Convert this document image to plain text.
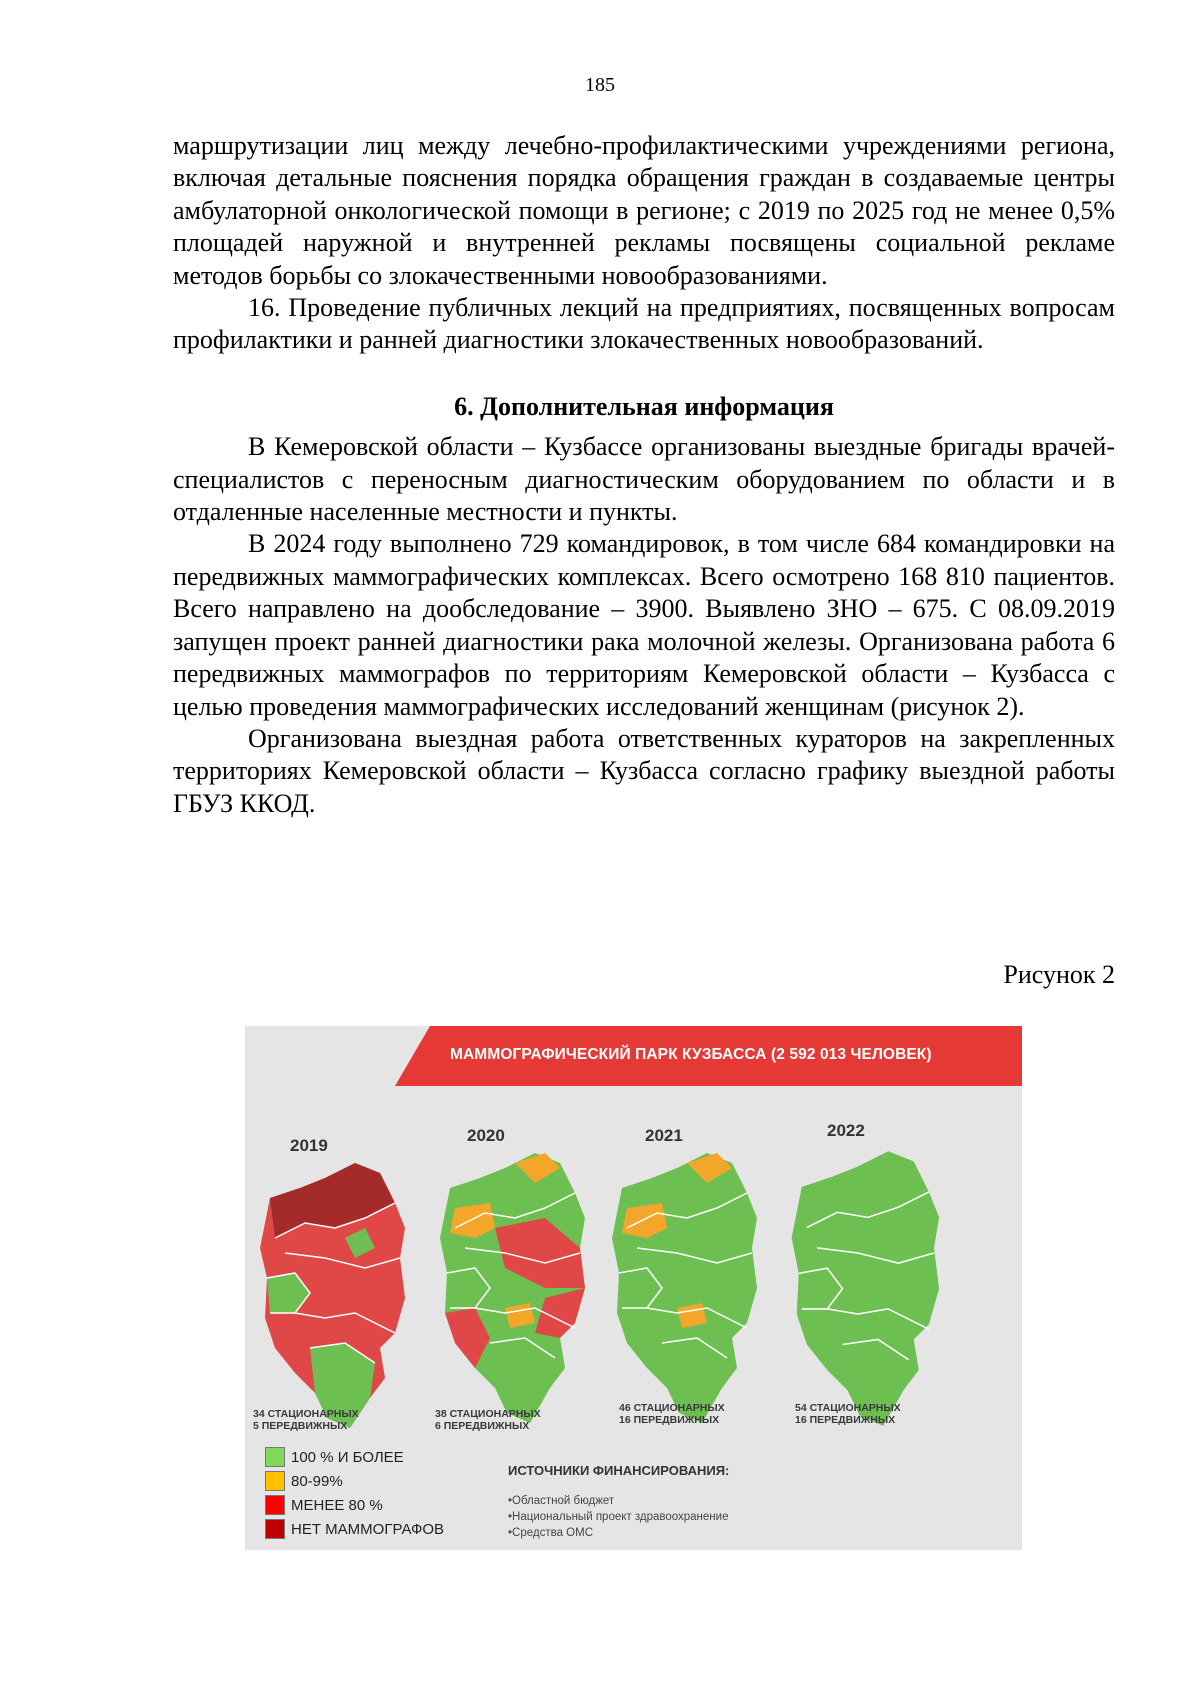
185

маршрутизации лиц между лечебно-профилактическими учреждениями региона, включая детальные пояснения порядка обращения граждан в создаваемые центры амбулаторной онкологической помощи в регионе; с 2019 по 2025 год не менее 0,5% площадей наружной и внутренней рекламы посвящены социальной рекламе методов борьбы со злокачественными новообразованиями.

16. Проведение публичных лекций на предприятиях, посвященных вопросам профилактики и ранней диагностики злокачественных новообразований.

6. Дополнительная информация

В Кемеровской области – Кузбассе организованы выездные бригады врачей-специалистов с переносным диагностическим оборудованием по области и в отдаленные населенные местности и пункты.

В 2024 году выполнено 729 командировок, в том числе 684 командировки на передвижных маммографических комплексах. Всего осмотрено 168 810 пациентов. Всего направлено на дообследование – 3900. Выявлено ЗНО – 675. С 08.09.2019 запущен проект ранней диагностики рака молочной железы. Организована работа 6 передвижных маммографов по территориям Кемеровской области – Кузбасса с целью проведения маммографических исследований женщинам (рисунок 2).

Организована выездная работа ответственных кураторов на закрепленных территориях Кемеровской области – Кузбасса согласно графику выездной работы ГБУЗ ККОД.

Рисунок 2
МАММОГРАФИЧЕСКИЙ ПАРК КУЗБАССА (2 592 013 ЧЕЛОВЕК)
2019
2020	2021	2022
34 СТАЦИОНАРНЫХ
5 ПЕРЕДВИЖНЫХ
38 СТАЦИОНАРНЫХ
6 ПЕРЕДВИЖНЫХ
46 СТАЦИОНАРНЫХ
16 ПЕРЕДВИЖНЫХ
54 СТАЦИОНАРНЫХ
16 ПЕРЕДВИЖНЫХ
100 % И БОЛЕЕ
80-99%
МЕНЕЕ 80 %
НЕТ МАММОГРАФОВ
ИСТОЧНИКИ ФИНАНСИРОВАНИЯ:
•Областной бюджет
•Национальный проект здравоохранение
•Средства ОМС
